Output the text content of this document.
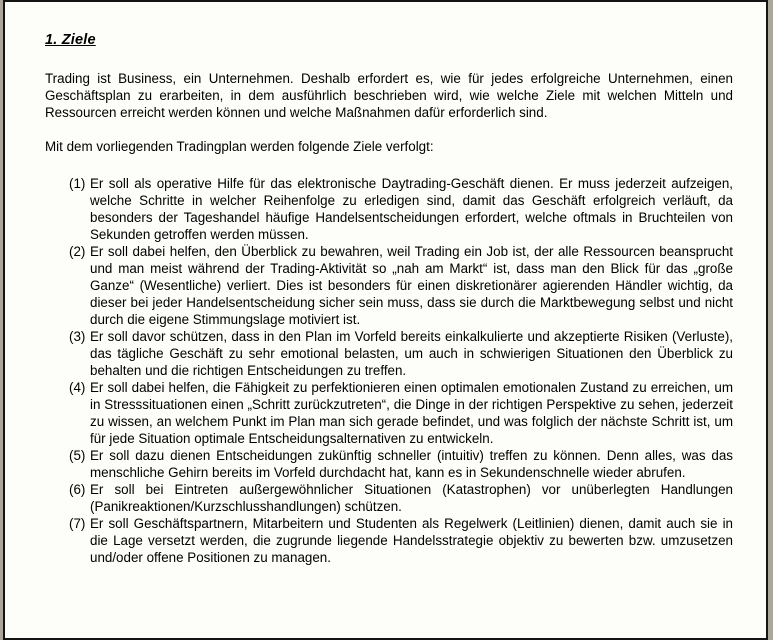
1. Ziele

Trading ist Business, ein Unternehmen. Deshalb erfordert es, wie für jedes erfolgreiche Unternehmen, einen Geschäftsplan zu erarbeiten, in dem ausführlich beschrieben wird, wie welche Ziele mit welchen Mitteln und Ressourcen erreicht werden können und welche Maßnahmen dafür erforderlich sind.

Mit dem vorliegenden Tradingplan werden folgende Ziele verfolgt:

(1) Er soll als operative Hilfe für das elektronische Daytrading-Geschäft dienen. Er muss jederzeit aufzeigen, welche Schritte in welcher Reihenfolge zu erledigen sind, damit das Geschäft erfolgreich verläuft, da besonders der Tageshandel häufige Handelsentscheidungen erfordert, welche oftmals in Bruchteilen von Sekunden getroffen werden müssen.
(2) Er soll dabei helfen, den Überblick zu bewahren, weil Trading ein Job ist, der alle Ressourcen beansprucht und man meist während der Trading-Aktivität so „nah am Markt“ ist, dass man den Blick für das „große Ganze“ (Wesentliche) verliert. Dies ist besonders für einen diskretionärer agierenden Händler wichtig, da dieser bei jeder Handelsentscheidung sicher sein muss, dass sie durch die Marktbewegung selbst und nicht durch die eigene Stimmungslage motiviert ist.
(3) Er soll davor schützen, dass in den Plan im Vorfeld bereits einkalkulierte und akzeptierte Risiken (Verluste), das tägliche Geschäft zu sehr emotional belasten, um auch in schwierigen Situationen den Überblick zu behalten und die richtigen Entscheidungen zu treffen.
(4) Er soll dabei helfen, die Fähigkeit zu perfektionieren einen optimalen emotionalen Zustand zu erreichen, um in Stresssituationen einen „Schritt zurückzutreten“, die Dinge in der richtigen Perspektive zu sehen, jederzeit zu wissen, an welchem Punkt im Plan man sich gerade befindet, und was folglich der nächste Schritt ist, um für jede Situation optimale Entscheidungsalternativen zu entwickeln.
(5) Er soll dazu dienen Entscheidungen zukünftig schneller (intuitiv) treffen zu können. Denn alles, was das menschliche Gehirn bereits im Vorfeld durchdacht hat, kann es in Sekundenschnelle wieder abrufen.
(6) Er soll bei Eintreten außergewöhnlicher Situationen (Katastrophen) vor unüberlegten Handlungen (Panikreaktionen/Kurzschlusshandlungen) schützen.
(7) Er soll Geschäftspartnern, Mitarbeitern und Studenten als Regelwerk (Leitlinien) dienen, damit auch sie in die Lage versetzt werden, die zugrunde liegende Handelsstrategie objektiv zu bewerten bzw. umzusetzen und/oder offene Positionen zu managen.
